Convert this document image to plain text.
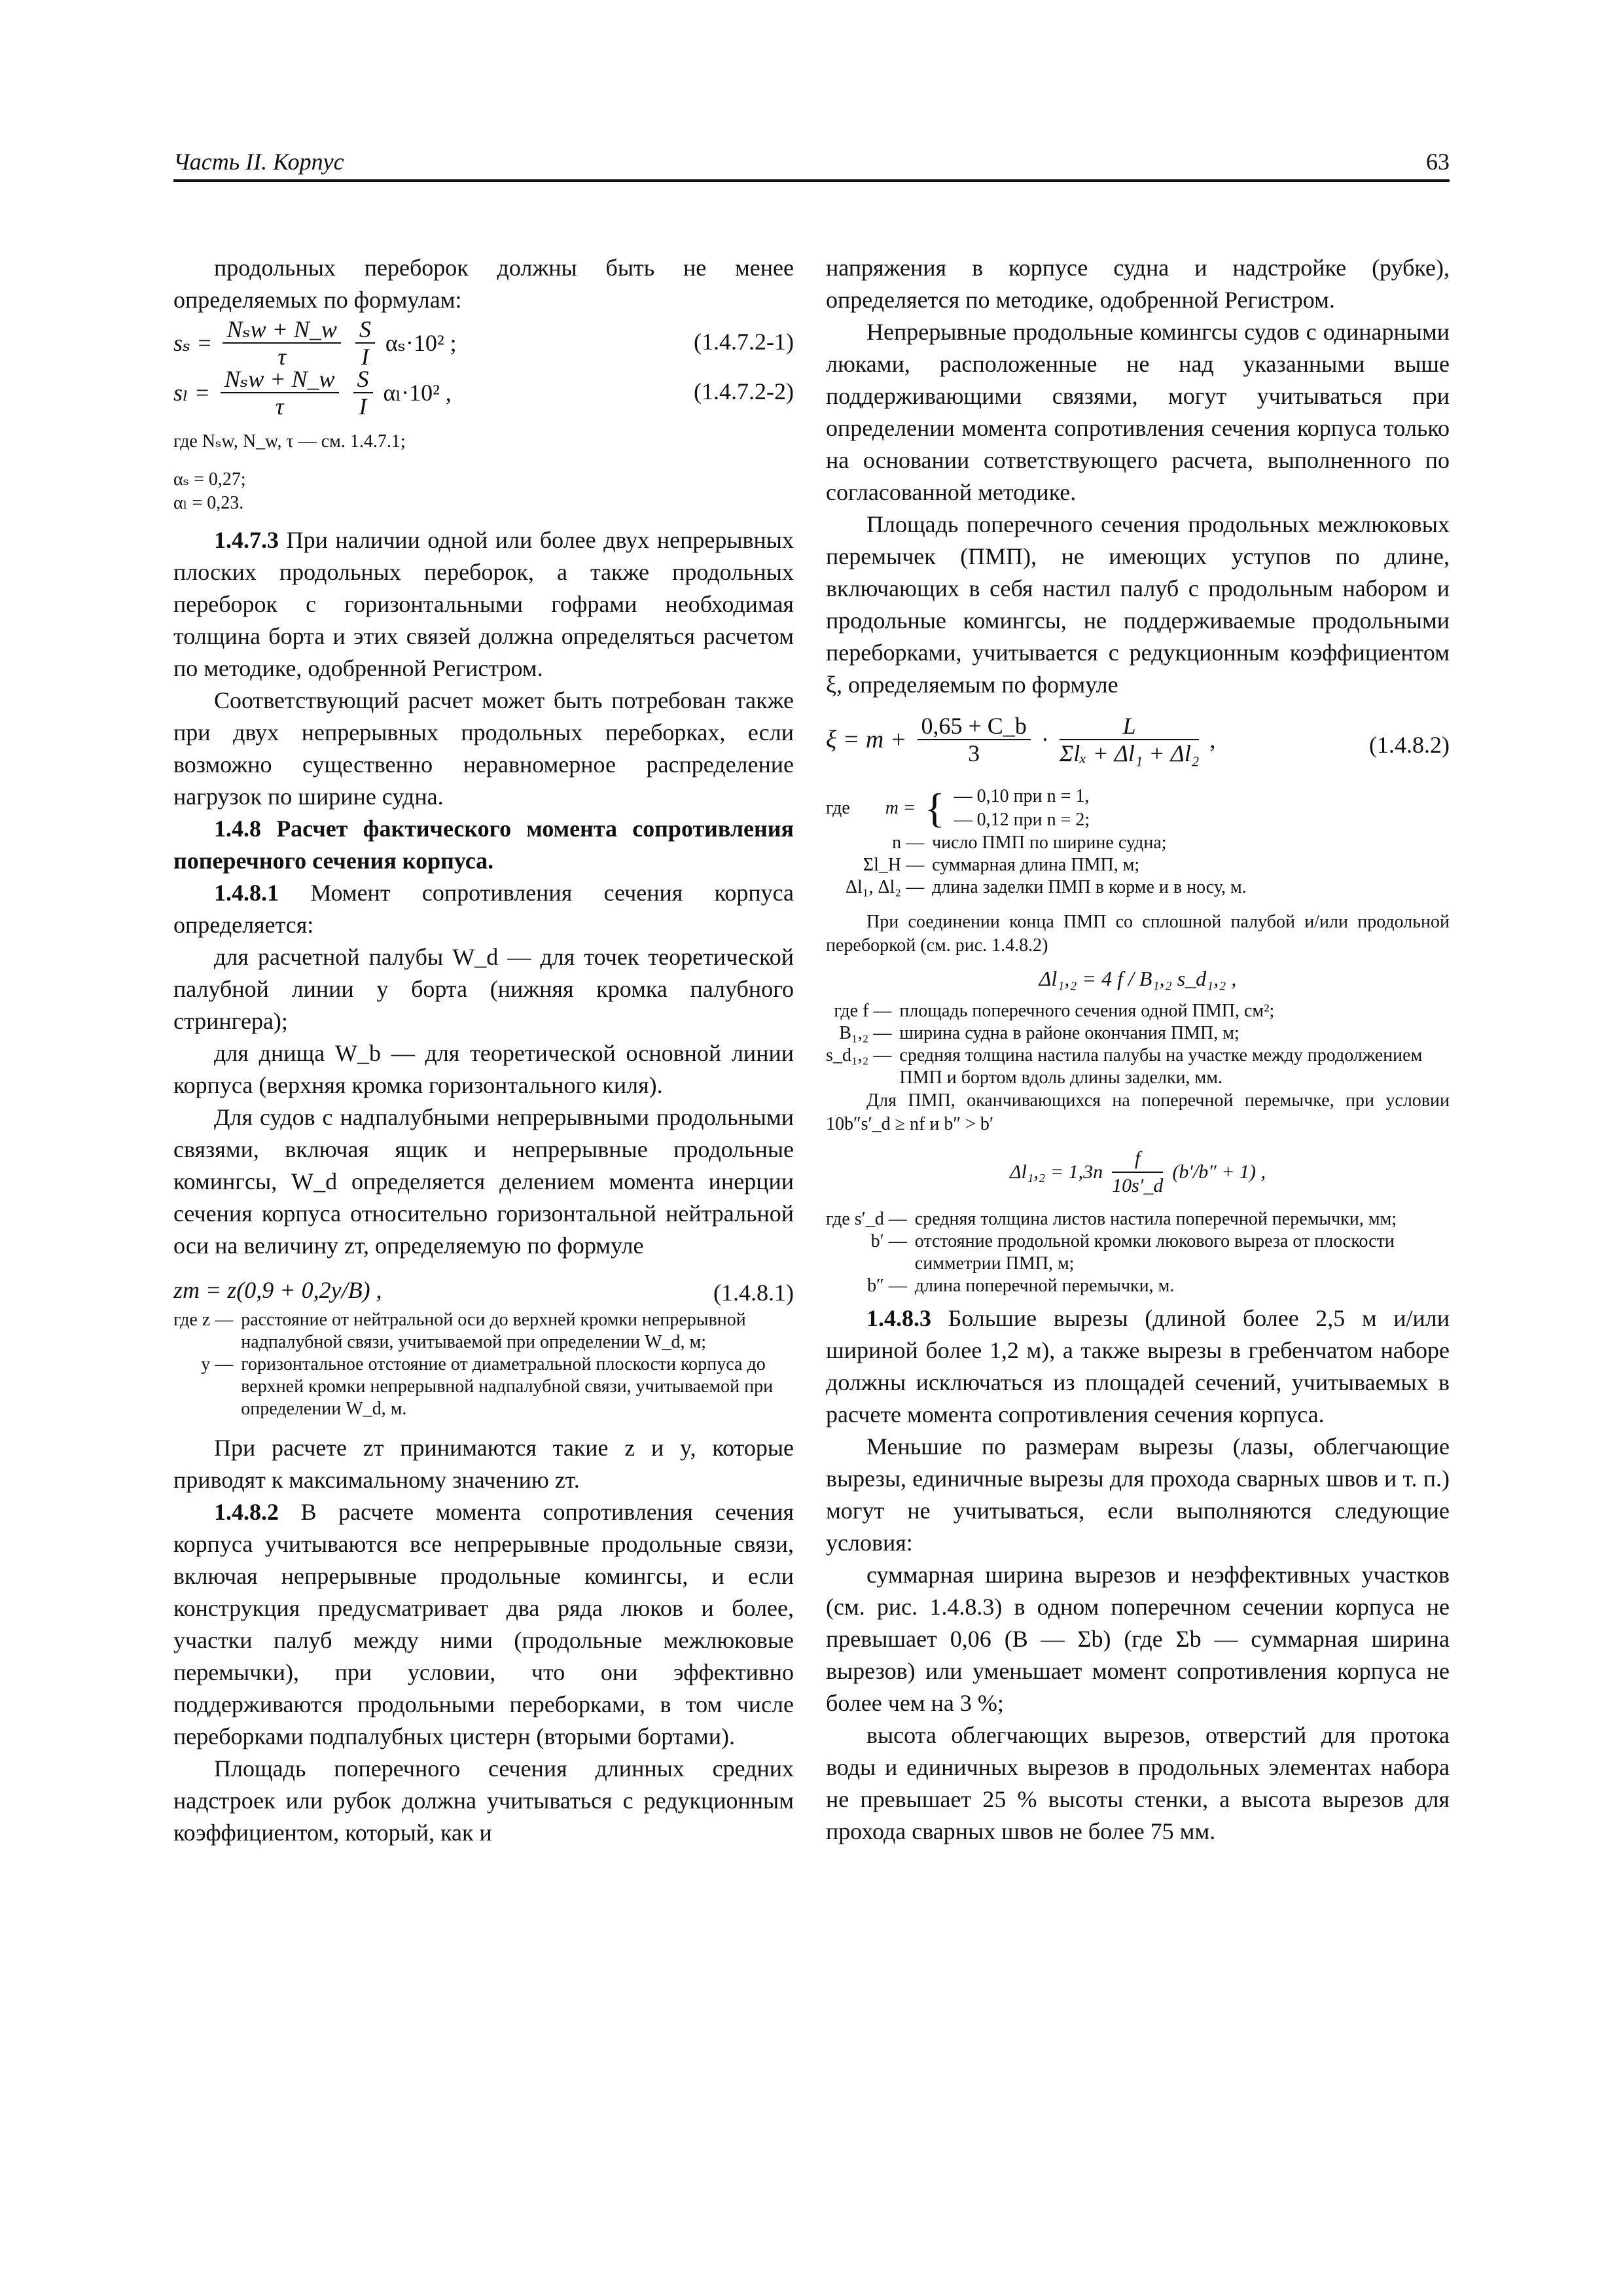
Часть II. Корпус	63

продольных переборок должны быть не менее определяемых по формулам:

$s_s = \frac{\text{Nₛw + N\_w}}{\tau} \frac{S}{I} \alpha_s\cdot 10^2$ ;	(1.4.7.2-1)
$s_l = \frac{\text{Nₛw + N\_w}}{\tau} \frac{S}{I} \alpha_l\cdot 10^2$ ,	(1.4.7.2-2)

где Nₛw, N_w, τ — см. 1.4.7.1;

αₛ = 0,27;

αₗ = 0,23.

1.4.7.3 При наличии одной или более двух непрерывных плоских продольных переборок, а также продольных переборок с горизонтальными гофрами необходимая толщина борта и этих связей должна определяться расчетом по методике, одобренной Регистром.

Соответствующий расчет может быть потребован также при двух непрерывных продольных переборках, если возможно существенно неравномерное распределение нагрузок по ширине судна.

1.4.8 Расчет фактического момента сопротивления поперечного сечения корпуса.

1.4.8.1 Момент сопротивления сечения корпуса определяется:

для расчетной палубы W_d — для точек теоретической палубной линии у борта (нижняя кромка палубного стрингера);

для днища W_b — для теоретической основной линии корпуса (верхняя кромка горизонтального киля).

Для судов с надпалубными непрерывными продольными связями, включая ящик и непрерывные продольные комингсы, W_d определяется делением момента инерции сечения корпуса относительно горизонтальной нейтральной оси на величину zт, определяемую по формуле

zт = z(0,9 + 0,2y/B) ,	(1.4.8.1)
где z — расстояние от нейтральной оси до верхней кромки непрерывной надпалубной связи, учитываемой при определении W_d, м;
y — горизонтальное отстояние от диаметральной плоскости корпуса до верхней кромки непрерывной надпалубной связи, учитываемой при определении W_d, м.

При расчете zт принимаются такие z и y, которые приводят к максимальному значению zт.

1.4.8.2 В расчете момента сопротивления сечения корпуса учитываются все непрерывные продольные связи, включая непрерывные продольные комингсы, и если конструкция предусматривает два ряда люков и более, участки палуб между ними (продольные межлюковые перемычки), при условии, что они эффективно поддерживаются продольными переборками, в том числе переборками подпалубных цистерн (вторыми бортами).

Площадь поперечного сечения длинных средних надстроек или рубок должна учитываться с редукционным коэффициентом, который, как и

напряжения в корпусе судна и надстройке (рубке), определяется по методике, одобренной Регистром.

Непрерывные продольные комингсы судов с одинарными люками, расположенные не над указанными выше поддерживающими связями, могут учитываться при определении момента сопротивления сечения корпуса только на основании сответствующего расчета, выполненного по согласованной методике.

Площадь поперечного сечения продольных межлюковых перемычек (ПМП), не имеющих уступов по длине, включающих в себя настил палуб с продольным набором и продольные комингсы, не поддерживаемые продольными переборками, учитывается с редукционным коэффициентом ξ, определяемым по формуле

$\xi = m + \frac{0,65 + C\_b}{3} \cdot \frac{L}{\text{Σlₓ + Δl₁ + Δl₂}}$ ,	(1.4.8.2)
где m = { — 0,10 при n = 1,
— 0,12 при n = 2;
n — число ПМП по ширине судна;
Σl_H — суммарная длина ПМП, м;
Δl₁, Δl₂ — длина заделки ПМП в корме и в носу, м.

При соединении конца ПМП со сплошной палубой и/или продольной переборкой (см. рис. 1.4.8.2)

Δl₁,₂ = 4 f / B₁,₂ s_d₁,₂ ,

где f — площадь поперечного сечения одной ПМП, см²;
B₁,₂ — ширина судна в районе окончания ПМП, м;
s_d₁,₂ — средняя толщина настила палубы на участке между продолжением ПМП и бортом вдоль длины заделки, мм.

Для ПМП, оканчивающихся на поперечной перемычке, при условии 10b″s′_d ≥ nf и b″ > b′

$\Delta l_1,_2 = 1,3n \frac{f}{10s'\_d} (b'/b'' + 1)$ ,
где s′_d — средняя толщина листов настила поперечной перемычки, мм;
b′ — отстояние продольной кромки люкового выреза от плоскости симметрии ПМП, м;
b″ — длина поперечной перемычки, м.

1.4.8.3 Большие вырезы (длиной более 2,5 м и/или шириной более 1,2 м), а также вырезы в гребенчатом наборе должны исключаться из площадей сечений, учитываемых в расчете момента сопротивления сечения корпуса.

Меньшие по размерам вырезы (лазы, облегчающие вырезы, единичные вырезы для прохода сварных швов и т. п.) могут не учитываться, если выполняются следующие условия:

суммарная ширина вырезов и неэффективных участков (см. рис. 1.4.8.3) в одном поперечном сечении корпуса не превышает 0,06 (B — Σb) (где Σb — суммарная ширина вырезов) или уменьшает момент сопротивления корпуса не более чем на 3 %;

высота облегчающих вырезов, отверстий для протока воды и единичных вырезов в продольных элементах набора не превышает 25 % высоты стенки, а высота вырезов для прохода сварных швов не более 75 мм.
